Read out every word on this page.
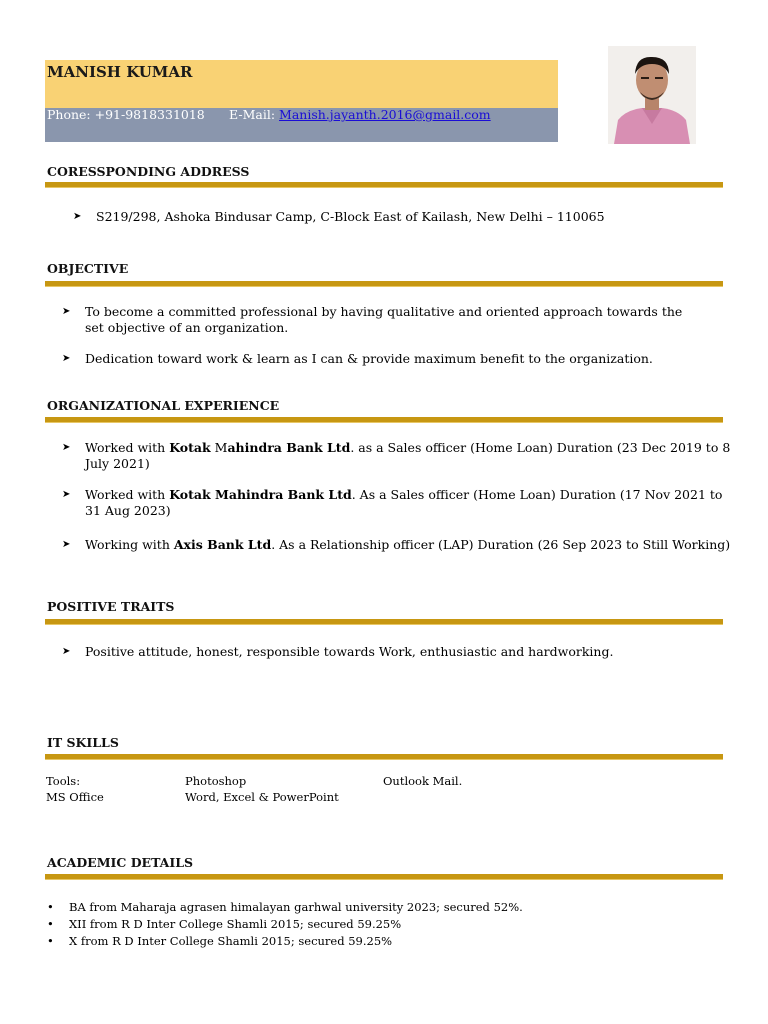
MANISH KUMAR
Phone: +91-9818331018 E-Mail: Manish.jayanth.2016@gmail.com
CORESSPONDING ADDRESS
➤ S219/298, Ashoka Bindusar Camp, C-Block East of Kailash, New Delhi – 110065
OBJECTIVE
➤ To become a committed professional by having qualitative and oriented approach towards the set objective of an organization.
➤ Dedication toward work & learn as I can & provide maximum benefit to the organization.
ORGANIZATIONAL EXPERIENCE
➤ Worked with Kotak Mahindra Bank Ltd. as a Sales officer (Home Loan) Duration (23 Dec 2019 to 8 July 2021)
➤ Worked with Kotak Mahindra Bank Ltd. As a Sales officer (Home Loan) Duration (17 Nov 2021 to 31 Aug 2023)
➤ Working with Axis Bank Ltd. As a Relationship officer (LAP) Duration (26 Sep 2023 to Still Working)
POSITIVE TRAITS
➤ Positive attitude, honest, responsible towards Work, enthusiastic and hardworking.
IT SKILLS
Tools:	Photoshop	Outlook Mail.
MS Office	Word, Excel & PowerPoint
ACADEMIC DETAILS
• BA from Maharaja agrasen himalayan garhwal university 2023; secured 52%.
• XII from R D Inter College Shamli 2015; secured 59.25%
• X from R D Inter College Shamli 2015; secured 59.25%
